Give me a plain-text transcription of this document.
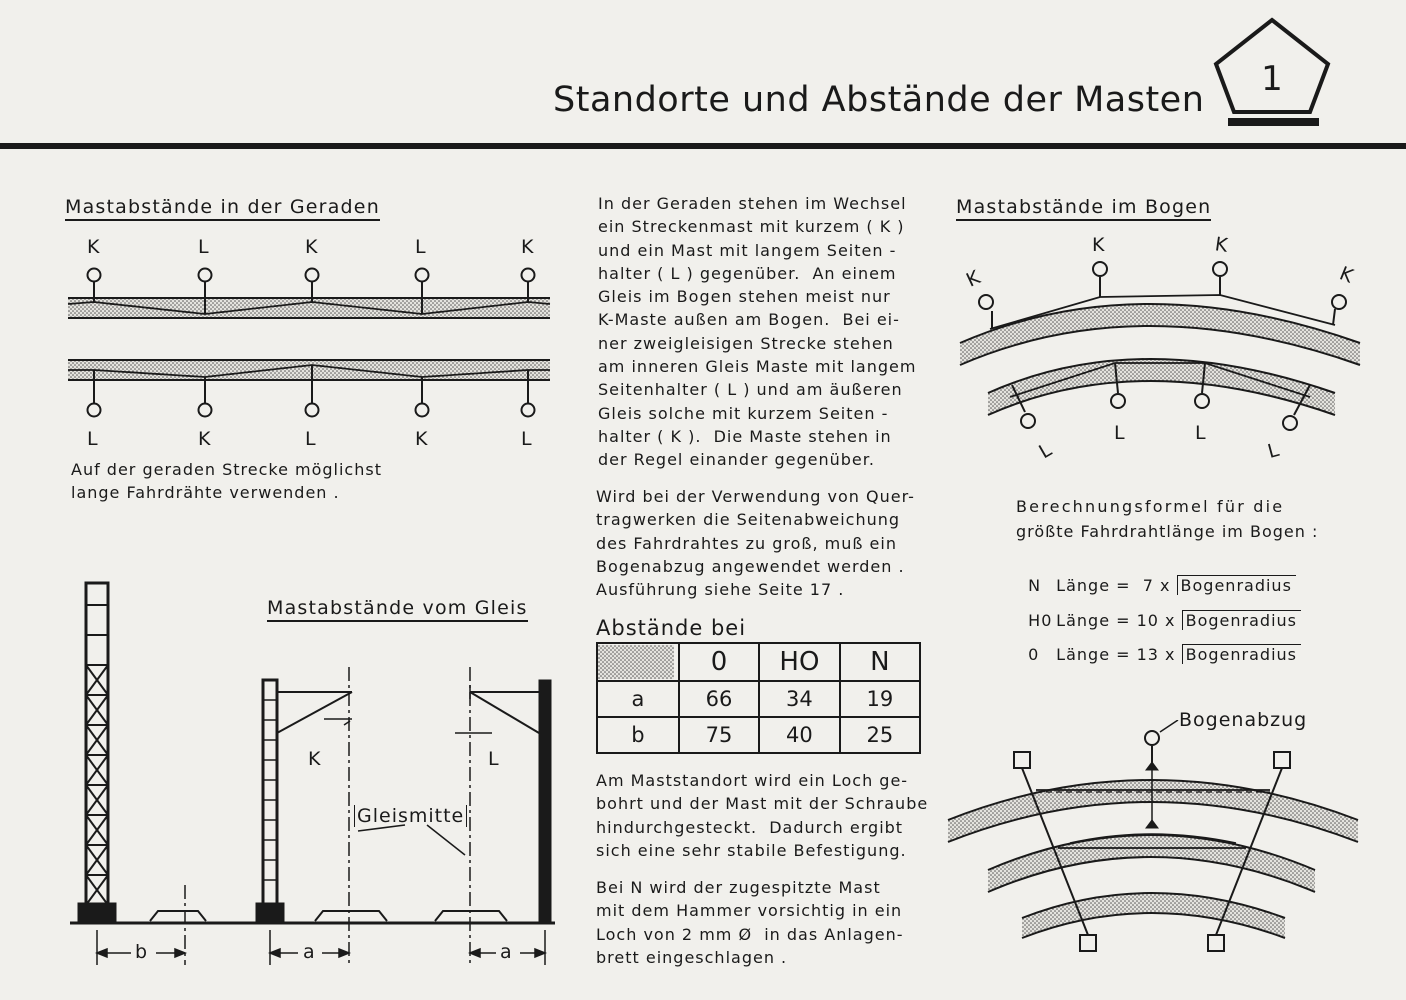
Standorte und Abstände der Masten
1
Mastabstände in der Geraden
K	L	K	L	K
L	K	L	K	L
Auf der geraden Strecke möglichst
lange Fahrdrähte verwenden .
Mastabstände vom Gleis
K	L
Gleismitte
b	a	a
In der Geraden stehen im Wechsel
ein Streckenmast mit kurzem ( K )
und ein Mast mit langem Seiten -
halter ( L ) gegenüber.  An einem
Gleis im Bogen stehen meist nur
K-Maste außen am Bogen.  Bei ei-
ner zweigleisigen Strecke stehen
am inneren Gleis Maste mit langem
Seitenhalter ( L ) und am äußeren
Gleis solche mit kurzem Seiten -
halter ( K ).  Die Maste stehen in
der Regel einander gegenüber.
Wird bei der Verwendung von Quer-
tragwerken die Seitenabweichung
des Fahrdrahtes zu groß, muß ein
Bogenabzug angewendet werden .
Ausführung siehe Seite 17 .
Abstände bei
	0	HO	N
a	66	34	19
b	75	40	25
Am Maststandort wird ein Loch ge-
bohrt und der Mast mit der Schraube
hindurchgesteckt.  Dadurch ergibt
sich eine sehr stabile Befestigung.
Bei N wird der zugespitzte Mast
mit dem Hammer vorsichtig in ein
Loch von 2 mm Ø  in das Anlagen-
brett eingeschlagen .
Mastabstände im Bogen
K
K	K
K
L
L	L
L
Berechnungsformel für die
größte Fahrdrahtlänge im Bogen :

N Länge =  7 x Bogenradius

H0 Länge = 10 x Bogenradius

0 Länge = 13 x Bogenradius

Bogenabzug
